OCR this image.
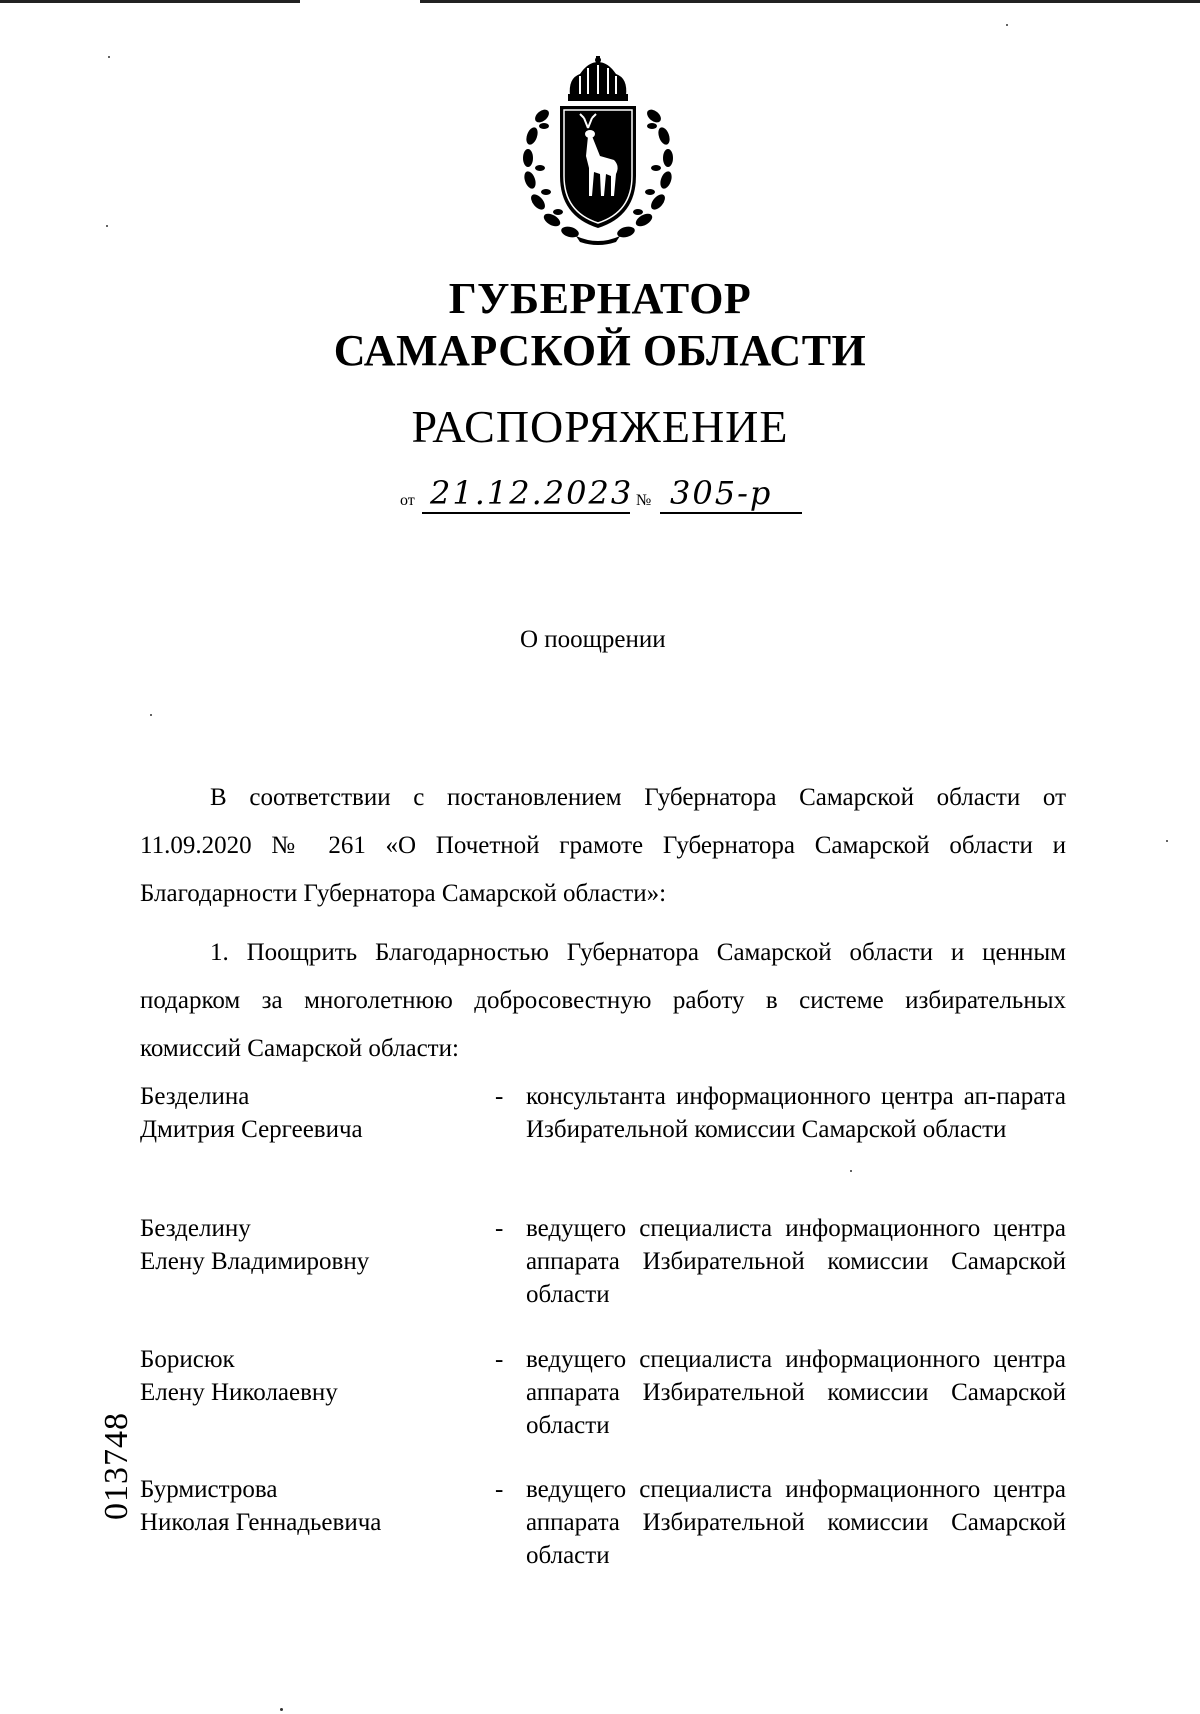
ГУБЕРНАТОР
САМАРСКОЙ ОБЛАСТИ
РАСПОРЯЖЕНИЕ
от 21.12.2023 № 305-р
О поощрении
В соответствии с постановлением Губернатора Самарской области от 11.09.2020 № 261 «О Почетной грамоте Губернатора Самарской области и Благодарности Губернатора Самарской области»:
1. Поощрить Благодарностью Губернатора Самарской области и ценным подарком за многолетнюю добросовестную работу в системе избирательных комиссий Самарской области:
Безделина
Дмитрия Сергеевича
- консультанта информационного центра ап-парата Избирательной комиссии Самарской области
Безделину
Елену Владимировну
- ведущего специалиста информационного центра аппарата Избирательной комиссии Самарской области
Борисюк
Елену Николаевну
- ведущего специалиста информационного центра аппарата Избирательной комиссии Самарской области
Бурмистрова
Николая Геннадьевича
- ведущего специалиста информационного центра аппарата Избирательной комиссии Самарской области
013748
